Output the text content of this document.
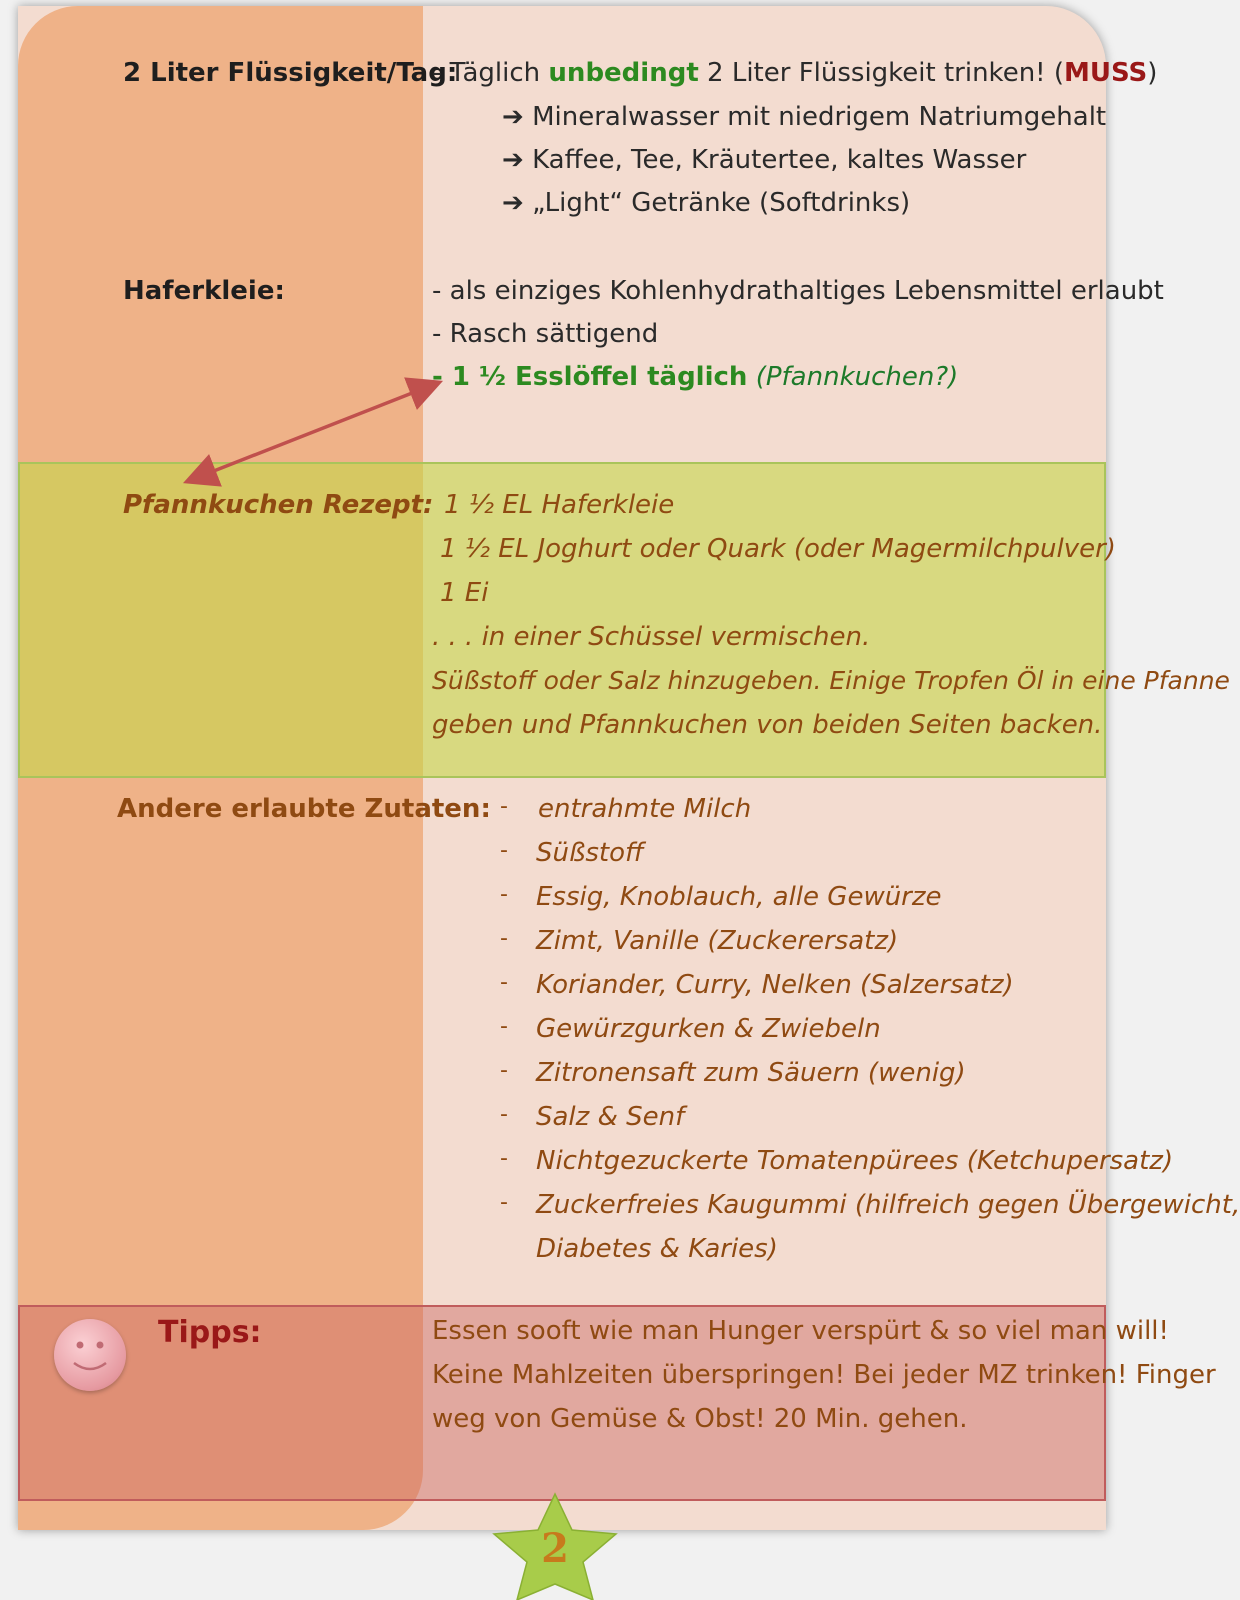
2 Liter Flüssigkeit/Tag:
- Täglich unbedingt 2 Liter Flüssigkeit trinken! (MUSS)
➔ Mineralwasser mit niedrigem Natriumgehalt
➔ Kaffee, Tee, Kräutertee, kaltes Wasser
➔ „Light“ Getränke (Softdrinks)
Haferkleie:	- als einziges Kohlenhydrathaltiges Lebensmittel erlaubt
- Rasch sättigend
- 1 ½ Esslöffel täglich (Pfannkuchen?)
Pfannkuchen Rezept: 1 ½ EL Haferkleie
1 ½ EL Joghurt oder Quark (oder Magermilchpulver)
1 Ei
. . . in einer Schüssel vermischen.
Süßstoff oder Salz hinzugeben. Einige Tropfen Öl in eine Pfanne
geben und Pfannkuchen von beiden Seiten backen.
Andere erlaubte Zutaten: - entrahmte Milch
- Süßstoff
- Essig, Knoblauch, alle Gewürze
- Zimt, Vanille (Zuckerersatz)
- Koriander, Curry, Nelken (Salzersatz)
- Gewürzgurken & Zwiebeln
- Zitronensaft zum Säuern (wenig)
- Salz & Senf
- Nichtgezuckerte Tomatenpürees (Ketchupersatz)
- Zuckerfreies Kaugummi (hilfreich gegen Übergewicht,
Diabetes & Karies)
Tipps:	Essen sooft wie man Hunger verspürt & so viel man will!
Keine Mahlzeiten überspringen! Bei jeder MZ trinken! Finger
weg von Gemüse & Obst! 20 Min. gehen.
2
